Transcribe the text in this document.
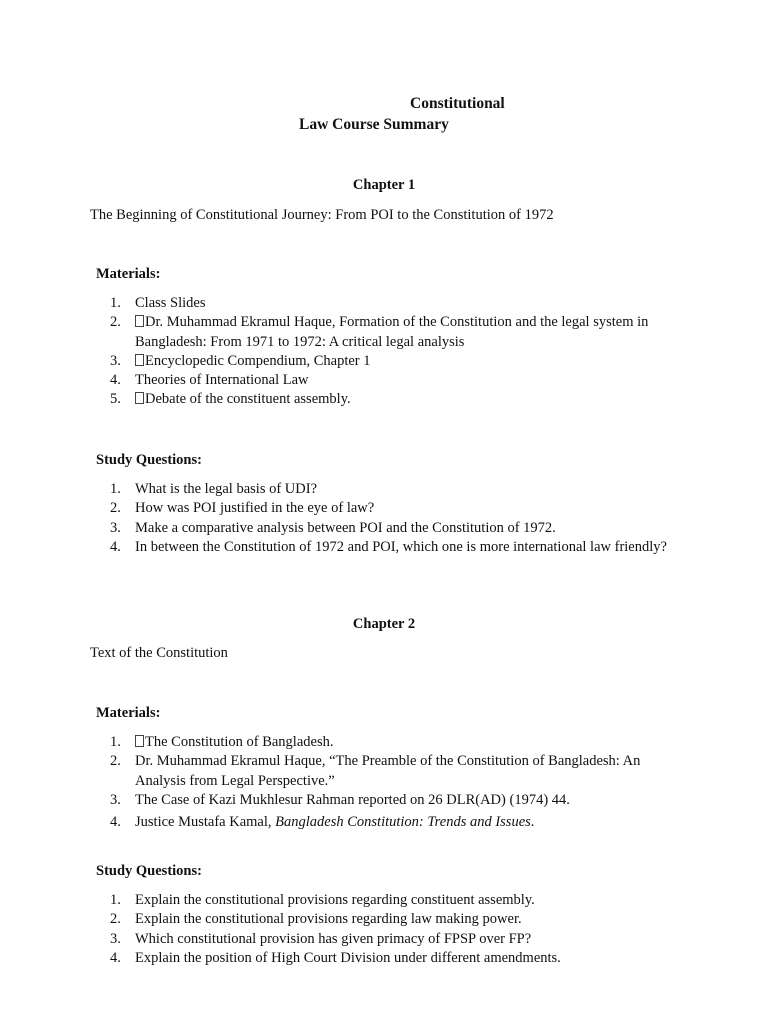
Constitutional
Law Course Summary
Chapter 1
The Beginning of Constitutional Journey: From POI to the Constitution of 1972
Materials:
1. Class Slides
2. Dr. Muhammad Ekramul Haque, Formation of the Constitution and the legal system in Bangladesh: From 1971 to 1972: A critical legal analysis
3. Encyclopedic Compendium, Chapter 1
4. Theories of International Law
5. Debate of the constituent assembly.
Study Questions:
1. What is the legal basis of UDI?
2. How was POI justified in the eye of law?
3. Make a comparative analysis between POI and the Constitution of 1972.
4. In between the Constitution of 1972 and POI, which one is more international law friendly?
Chapter 2
Text of the Constitution
Materials:
1. The Constitution of Bangladesh.
2. Dr. Muhammad Ekramul Haque, “The Preamble of the Constitution of Bangladesh: An Analysis from Legal Perspective.”
3. The Case of Kazi Mukhlesur Rahman reported on 26 DLR(AD) (1974) 44.
4. Justice Mustafa Kamal, Bangladesh Constitution: Trends and Issues.
Study Questions:
1. Explain the constitutional provisions regarding constituent assembly.
2. Explain the constitutional provisions regarding law making power.
3. Which constitutional provision has given primacy of FPSP over FP?
4. Explain the position of High Court Division under different amendments.
